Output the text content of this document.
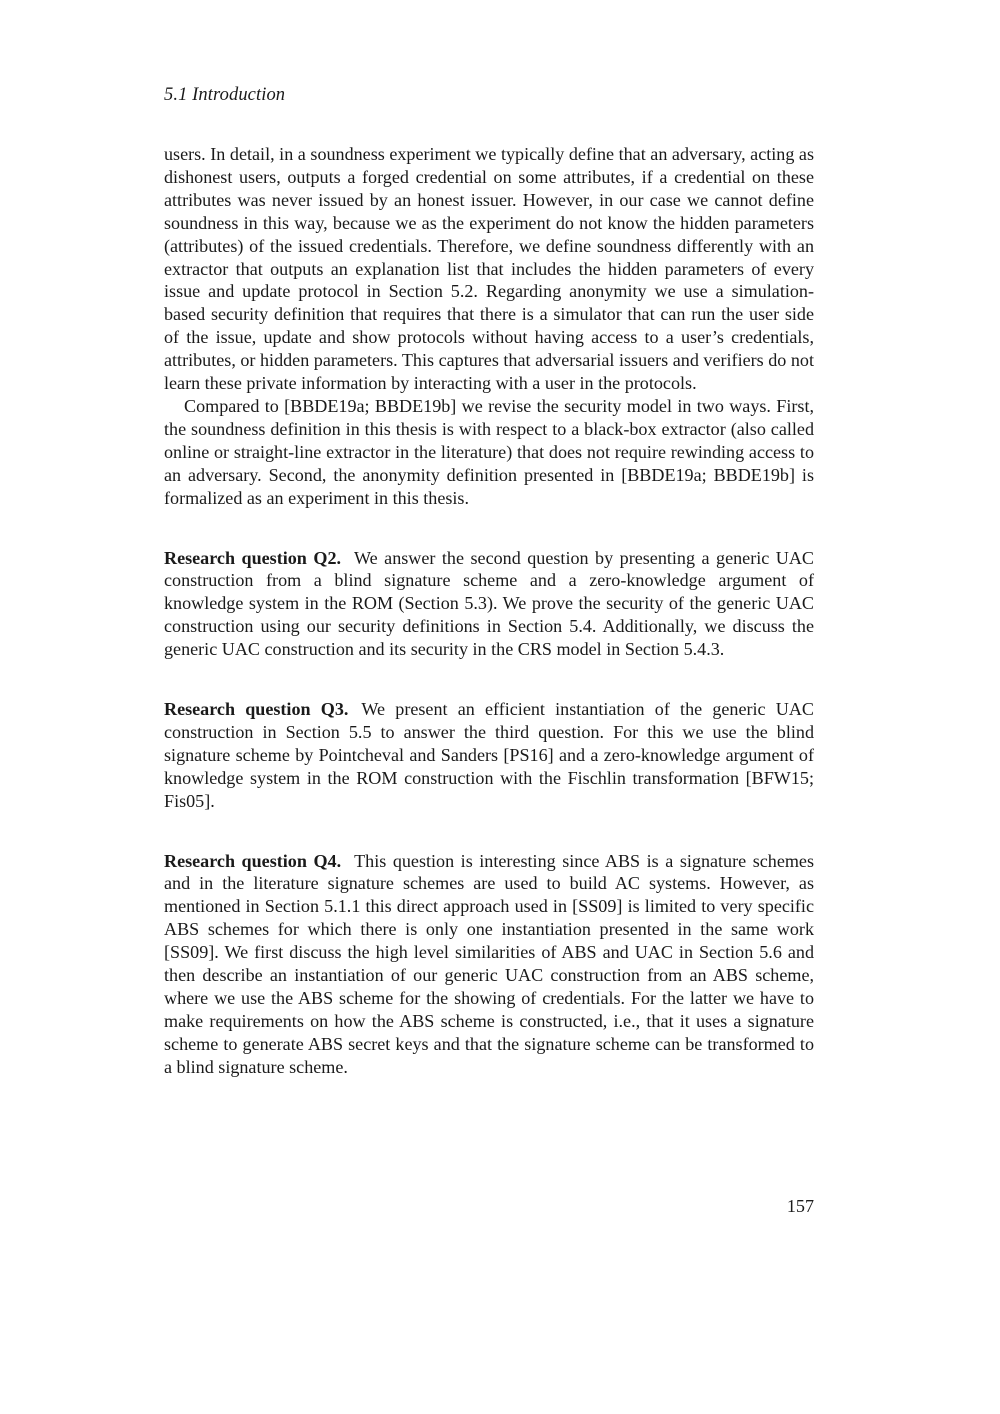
5.1 Introduction

users. In detail, in a soundness experiment we typically define that an adversary, acting as dishonest users, outputs a forged credential on some attributes, if a credential on these attributes was never issued by an honest issuer. However, in our case we cannot define soundness in this way, because we as the experiment do not know the hidden parameters (attributes) of the issued credentials. Therefore, we define soundness differently with an extractor that outputs an explanation list that includes the hidden parameters of every issue and update protocol in Section 5.2. Regarding anonymity we use a simulation-based security definition that requires that there is a simulator that can run the user side of the issue, update and show protocols without having access to a user’s credentials, attributes, or hidden parameters. This captures that adversarial issuers and verifiers do not learn these private information by interacting with a user in the protocols.

Compared to [BBDE19a; BBDE19b] we revise the security model in two ways. First, the soundness definition in this thesis is with respect to a black-box extractor (also called online or straight-line extractor in the literature) that does not require rewinding access to an adversary. Second, the anonymity definition presented in [BBDE19a; BBDE19b] is formalized as an experiment in this thesis.

Research question Q2. We answer the second question by presenting a generic UAC construction from a blind signature scheme and a zero-knowledge argument of knowledge system in the ROM (Section 5.3). We prove the security of the generic UAC construction using our security definitions in Section 5.4. Additionally, we discuss the generic UAC construction and its security in the CRS model in Section 5.4.3.

Research question Q3. We present an efficient instantiation of the generic UAC construction in Section 5.5 to answer the third question. For this we use the blind signature scheme by Pointcheval and Sanders [PS16] and a zero-knowledge argument of knowledge system in the ROM construction with the Fischlin transformation [BFW15; Fis05].

Research question Q4. This question is interesting since ABS is a signature schemes and in the literature signature schemes are used to build AC systems. However, as mentioned in Section 5.1.1 this direct approach used in [SS09] is limited to very specific ABS schemes for which there is only one instantiation presented in the same work [SS09]. We first discuss the high level similarities of ABS and UAC in Section 5.6 and then describe an instantiation of our generic UAC construction from an ABS scheme, where we use the ABS scheme for the showing of credentials. For the latter we have to make requirements on how the ABS scheme is constructed, i.e., that it uses a signature scheme to generate ABS secret keys and that the signature scheme can be transformed to a blind signature scheme.

157
